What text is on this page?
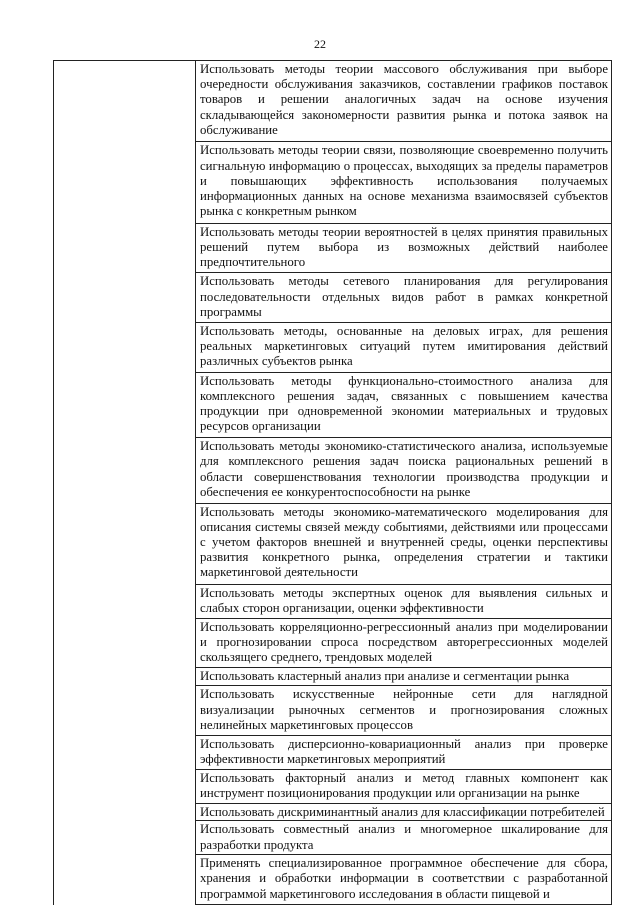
22
	Использовать методы теории массового обслуживания при выборе очередности обслуживания заказчиков, составлении графиков поставок товаров и решении аналогичных задач на основе изучения складывающейся закономерности развития рынка и потока заявок на обслуживание
Использовать методы теории связи, позволяющие своевременно получить сигнальную информацию о процессах, выходящих за пределы параметров и повышающих эффективность использования получаемых информационных данных на основе механизма взаимосвязей субъектов рынка с конкретным рынком
Использовать методы теории вероятностей в целях принятия правильных решений путем выбора из возможных действий наиболее предпочтительного
Использовать методы сетевого планирования для регулирования последовательности отдельных видов работ в рамках конкретной программы
Использовать методы, основанные на деловых играх, для решения реальных маркетинговых ситуаций путем имитирования действий различных субъектов рынка
Использовать методы функционально-стоимостного анализа для комплексного решения задач, связанных с повышением качества продукции при одновременной экономии материальных и трудовых ресурсов организации
Использовать методы экономико-статистического анализа, используемые для комплексного решения задач поиска рациональных решений в области совершенствования технологии производства продукции и обеспечения ее конкурентоспособности на рынке
Использовать методы экономико-математического моделирования для описания системы связей между событиями, действиями или процессами с учетом факторов внешней и внутренней среды, оценки перспективы развития конкретного рынка, определения стратегии и тактики маркетинговой деятельности
Использовать методы экспертных оценок для выявления сильных и слабых сторон организации, оценки эффективности
Использовать корреляционно-регрессионный анализ при моделировании и прогнозировании спроса посредством авторегрессионных моделей скользящего среднего, трендовых моделей
Использовать кластерный анализ при анализе и сегментации рынка
Использовать искусственные нейронные сети для наглядной визуализации рыночных сегментов и прогнозирования сложных нелинейных маркетинговых процессов
Использовать дисперсионно-ковариационный анализ при проверке эффективности маркетинговых мероприятий
Использовать факторный анализ и метод главных компонент как инструмент позиционирования продукции или организации на рынке
Использовать дискриминантный анализ для классификации потребителей
Использовать совместный анализ и многомерное шкалирование для разработки продукта
Применять специализированное программное обеспечение для сбора, хранения и обработки информации в соответствии с разработанной программой маркетингового исследования в области пищевой и
